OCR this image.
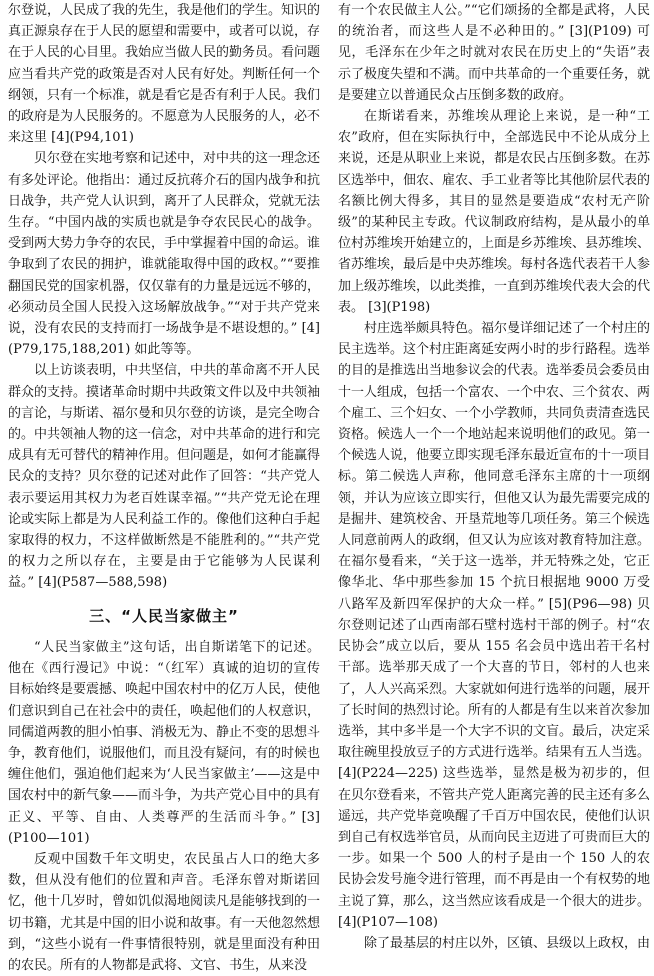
尔登说，人民成了我的先生，我是他们的学生。知识的真正源泉存在于人民的愿望和需要中，或者可以说，存在于人民的心目里。我始应当做人民的勤务员。看问题应当看共产党的政策是否对人民有好处。判断任何一个纲领，只有一个标准，就是看它是否有利于人民。我们的政府是为人民服务的。不愿意为人民服务的人，必不来这里 [4](P94,101)

贝尔登在实地考察和记述中，对中共的这一理念还有多处评论。他指出：通过反抗蒋介石的国内战争和抗日战争，共产党人认识到，离开了人民群众，党就无法生存。“中国内战的实质也就是争夺农民民心的战争。受到两大势力争夺的农民，手中掌握着中国的命运。谁争取到了农民的拥护，谁就能取得中国的政权。”“要推翻国民党的国家机器，仅仅靠有的力量是远远不够的，必须动员全国人民投入这场解放战争。”“对于共产党来说，没有农民的支持而打一场战争是不堪设想的。” [4](P79,175,188,201) 如此等等。

以上访谈表明，中共坚信，中共的革命离不开人民群众的支持。摸诸革命时期中共政策文件以及中共领袖的言论，与斯诺、福尔曼和贝尔登的访谈，是完全吻合的。中共领袖人物的这一信念，对中共革命的进行和完成具有无可替代的精神作用。但问题是，如何才能赢得民众的支持？贝尔登的记述对此作了回答：“共产党人表示要运用其权力为老百姓谋幸福。”“共产党无论在理论或实际上都是为人民利益工作的。像他们这种白手起家取得的权力，不这样做断然是不能胜利的。”“共产党的权力之所以存在，主要是由于它能够为人民谋利益。” [4](P587—588,598)

三、“人民当家做主”

“人民当家做主”这句话，出自斯诺笔下的记述。他在《西行漫记》中说：“（红军）真诚的迫切的宣传目标始终是要震撼、唤起中国农村中的亿万人民，使他们意识到自己在社会中的责任，唤起他们的人权意识，同儒道两教的胆小怕事、消极无为、静止不变的思想斗争，教育他们，说服他们，而且没有疑问，有的时候也缠住他们，强迫他们起来为‘人民当家做主’——这是中国农村中的新气象——而斗争，为共产党心目中的具有正义、平等、自由、人类尊严的生活而斗争。” [3](P100—101)

反观中国数千年文明史，农民虽占人口的绝大多数，但从没有他们的位置和声音。毛泽东曾对斯诺回忆，他十几岁时，曾如饥似渴地阅读凡是能够找到的一切书籍，尤其是中国的旧小说和故事。有一天他忽然想到，“这些小说有一件事情很特别，就是里面没有种田的农民。所有的人物都是武将、文官、书生，从来没

有一个农民做主人公。”“它们颂扬的全都是武将，人民的统治者，而这些人是不必种田的。” [3](P109) 可见，毛泽东在少年之时就对农民在历史上的“失语”表示了极度失望和不满。而中共革命的一个重要任务，就是要建立以普通民众占压倒多数的政府。

在斯诺看来，苏维埃从理论上来说，是一种“工农”政府，但在实际执行中，全部选民中不论从成分上来说，还是从职业上来说，都是农民占压倒多数。在苏区选举中，佃农、雇农、手工业者等比其他阶层代表的名额比例大得多，其目的显然是要造成“农村无产阶级”的某种民主专政。代议制政府结构，是从最小的单位村苏维埃开始建立的，上面是乡苏维埃、县苏维埃、省苏维埃，最后是中央苏维埃。每村各选代表若干人参加上级苏维埃，以此类推，一直到苏维埃代表大会的代表。 [3](P198)

村庄选举颇具特色。福尔曼详细记述了一个村庄的民主选举。这个村庄距离延安两小时的步行路程。选举的目的是推选出当地参议会的代表。选举委员会委员由十一人组成，包括一个富农、一个中农、三个贫农、两个雇工、三个妇女、一个小学教师，共同负责清查选民资格。候选人一个一个地站起来说明他们的政见。第一个候选人说，他要立即实现毛泽东最近宣布的十一项目标。第二候选人声称，他同意毛泽东主席的十一项纲领，并认为应该立即实行，但他又认为最先需要完成的是掘井、建筑校舍、开垦荒地等几项任务。第三个候选人同意前两人的政纲，但又认为应该对教育特加注意。在福尔曼看来，“关于这一选举，并无特殊之处，它正像华北、华中那些参加 15 个抗日根据地 9000 万受八路军及新四军保护的大众一样。” [5](P96—98) 贝尔登则记述了山西南部石壁村选村干部的例子。村“农民协会”成立以后，要从 155 名会员中选出若干名村干部。选举那天成了一个大喜的节日，邻村的人也来了，人人兴高采烈。大家就如何进行选举的问题，展开了长时间的热烈讨论。所有的人都是有生以来首次参加选举，其中多半是一个大字不识的文盲。最后，决定采取往碗里投放豆子的方式进行选举。结果有五人当选。 [4](P224—225) 这些选举，显然是极为初步的，但在贝尔登看来，不管共产党人距离完善的民主还有多么遥远，共产党毕竟唤醒了千百万中国农民，使他们认识到自己有权选举官员，从而向民主迈进了可贵而巨大的一步。如果一个 500 人的村子是由一个 150 人的农民协会发号施令进行管理，而不再是由一个有权势的地主说了算，那么，这当然应该看成是一个很大的进步。 [4](P107—108)

除了最基层的村庄以外，区镇、县级以上政权，由
